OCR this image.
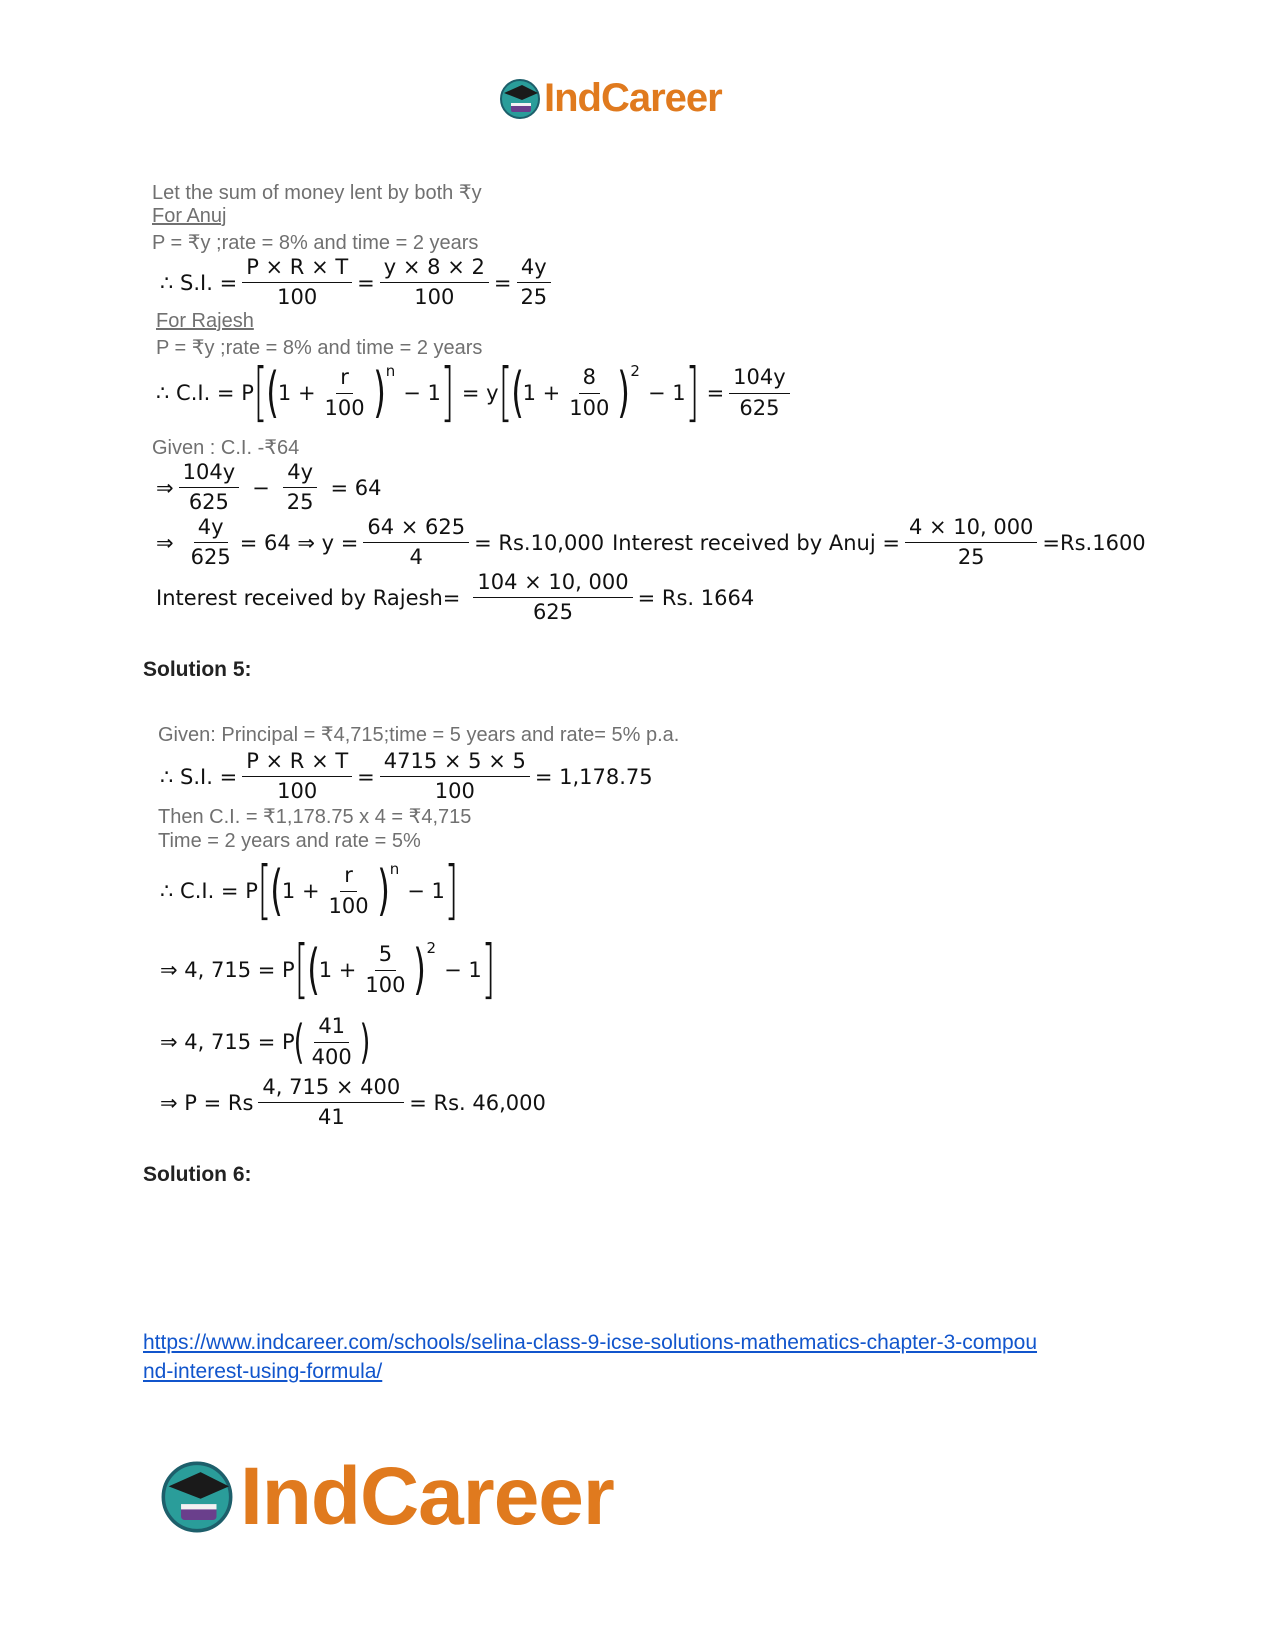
IndCareer
Let the sum of money lent by both ₹y
For Anuj
P = ₹y ;rate = 8% and time = 2 years
∴ S.I. = $\frac{P \times R \times T}{100} = \frac{y \times 8 \times 2}{100} = \frac{4y}{25}$
For Rajesh
P = ₹y ;rate = 8% and time = 2 years
∴ C.I. = P [
( $1 + \frac{r}{100}$ ) n
− 1 ] = y [
( $1 + \frac{8}{100}$ ) 2
− 1 ] = $\frac{104y}{625}$
Given : C.I. -₹64
⇒ $\frac{104y}{625} - \frac{4y}{25} = 64$
⇒ $\frac{4y}{625} = 64$ ⇒ $y = \frac{64 \times 625}{4} = Rs.10,000$ Interest received by Anuj = $\frac{4 \times 10, 000}{25} =Rs.1600$
Interest received by Rajesh= $\frac{104 \times 10, 000}{625} = Rs$. 1664
Solution 5:
Given: Principal = ₹4,715;time = 5 years and rate= 5% p.a.
∴ S.I. = $\frac{P \times R \times T}{100} = \frac{4715 \times 5 \times 5}{100} = 1,178.75$
Then C.I. = ₹1,178.75 x 4 = ₹4,715
Time = 2 years and rate = 5%
∴ C.I. = P [
( $1 + \frac{r}{100}$ ) n
− 1 ]
⇒ 4, 715 = P [
( $1 + \frac{5}{100}$ ) 2
− 1 ]
⇒ 4, 715 = P
( $\frac{41}{400}$ )
⇒ P = Rs $\frac{4, 715 \times 400}{41} = Rs$. 46,000
Solution 6:
https://www.indcareer.com/schools/selina-class-9-icse-solutions-mathematics-chapter-3-compou
nd-interest-using-formula/
IndCareer
